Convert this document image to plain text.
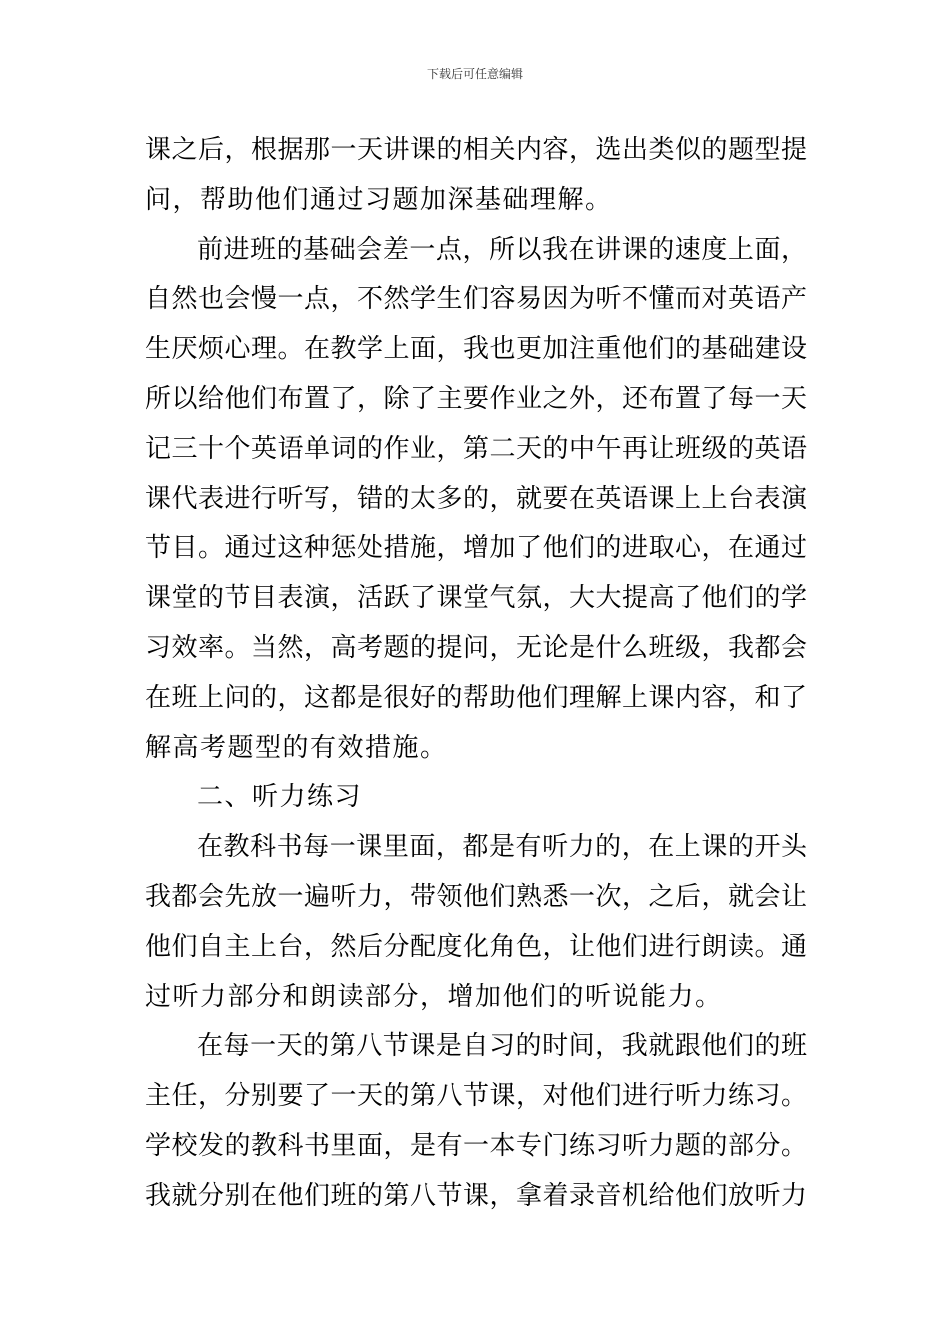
下载后可任意编辑
课之后，根据那一天讲课的相关内容，选出类似的题型提
问，帮助他们通过习题加深基础理解。
前进班的基础会差一点，所以我在讲课的速度上面，
自然也会慢一点，不然学生们容易因为听不懂而对英语产
生厌烦心理。在教学上面，我也更加注重他们的基础建设
所以给他们布置了，除了主要作业之外，还布置了每一天
记三十个英语单词的作业，第二天的中午再让班级的英语
课代表进行听写，错的太多的，就要在英语课上上台表演
节目。通过这种惩处措施，增加了他们的进取心，在通过
课堂的节目表演，活跃了课堂气氛，大大提高了他们的学
习效率。当然，高考题的提问，无论是什么班级，我都会
在班上问的，这都是很好的帮助他们理解上课内容，和了
解高考题型的有效措施。
二、听力练习
在教科书每一课里面，都是有听力的，在上课的开头
我都会先放一遍听力，带领他们熟悉一次，之后，就会让
他们自主上台，然后分配度化角色，让他们进行朗读。通
过听力部分和朗读部分，增加他们的听说能力。
在每一天的第八节课是自习的时间，我就跟他们的班
主任，分别要了一天的第八节课，对他们进行听力练习。
学校发的教科书里面，是有一本专门练习听力题的部分。
我就分别在他们班的第八节课，拿着录音机给他们放听力
